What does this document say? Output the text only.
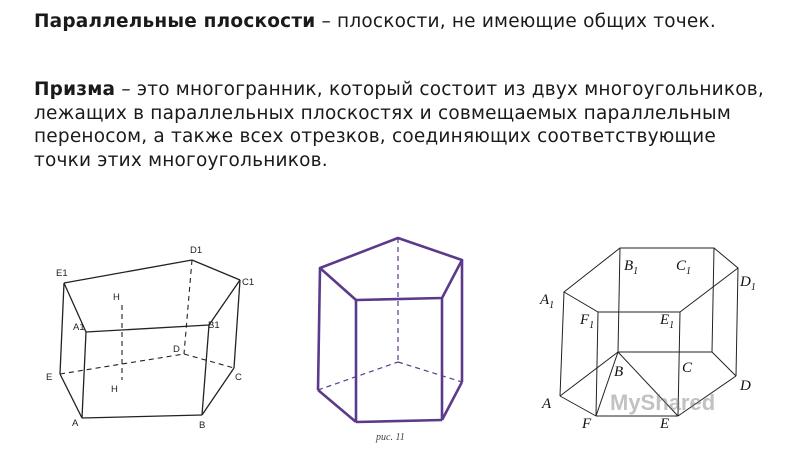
Параллельные плоскости – плоскости, не имеющие общих точек.

Призма – это многогранник, который состоит из двух многоугольников, лежащих в параллельных плоскостях и совмещаемых параллельным переносом, а также всех отрезков, соединяющих соответствующие точки этих многоугольников.

E1
D1
C1
A1	B1
H
D
E	C
H
A	B
рис. 11
$B_1$	$C_1$
$D_1$
$A_1$
$F_1$	$E_1$
B	C
D
A
F	E
MyShared
